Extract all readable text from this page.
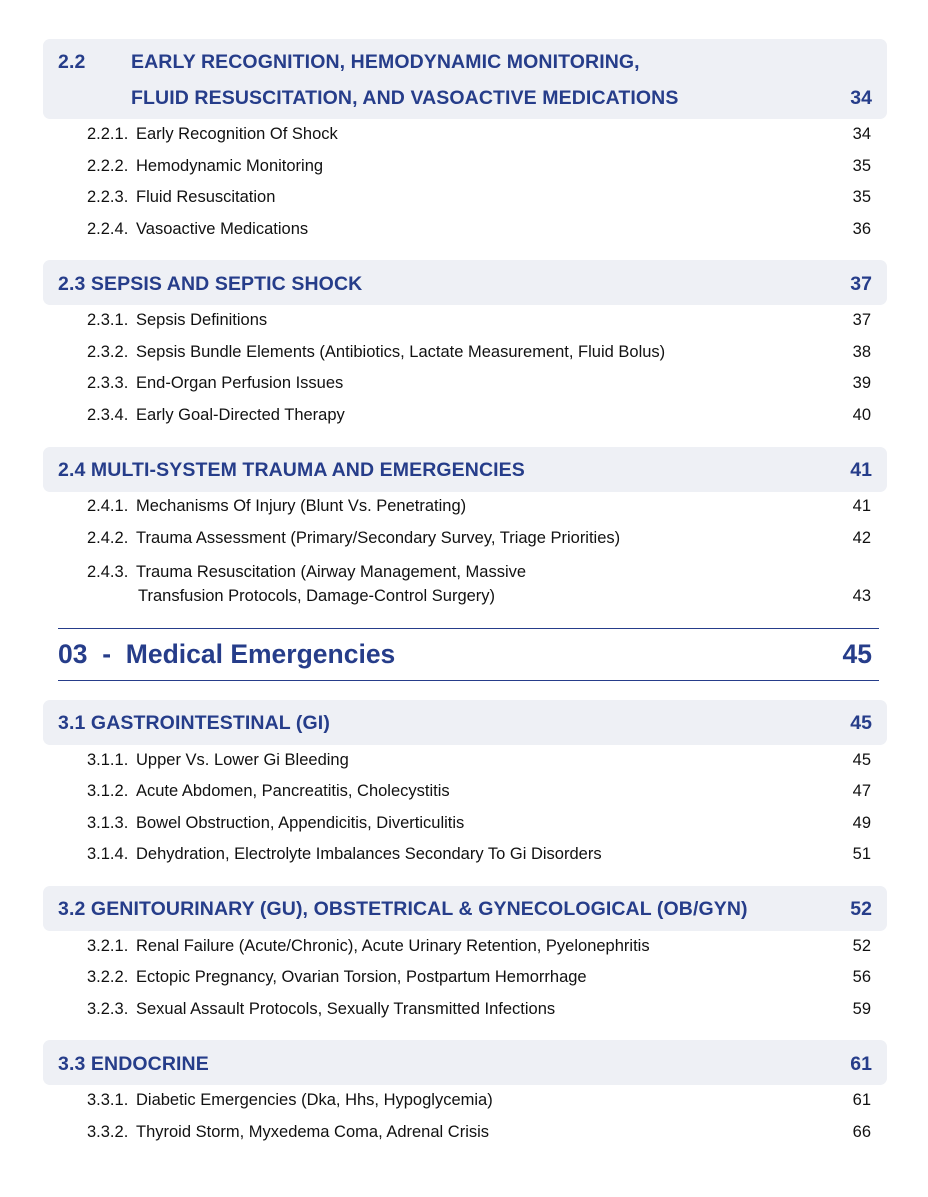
2.2 EARLY RECOGNITION, HEMODYNAMIC MONITORING,
FLUID RESUSCITATION, AND VASOACTIVE MEDICATIONS	34
2.2.1. Early Recognition Of Shock	34
2.2.2. Hemodynamic Monitoring	35
2.2.3. Fluid Resuscitation	35
2.2.4. Vasoactive Medications	36
2.3 SEPSIS AND SEPTIC SHOCK	37
2.3.1. Sepsis Definitions	37
2.3.2. Sepsis Bundle Elements (Antibiotics, Lactate Measurement, Fluid Bolus)	38
2.3.3. End-Organ Perfusion Issues	39
2.3.4. Early Goal-Directed Therapy	40
2.4 MULTI-SYSTEM TRAUMA AND EMERGENCIES	41
2.4.1. Mechanisms Of Injury (Blunt Vs. Penetrating)	41
2.4.2. Trauma Assessment (Primary/Secondary Survey, Triage Priorities)	42
2.4.3. Trauma Resuscitation (Airway Management, Massive
Transfusion Protocols, Damage-Control Surgery)	43
03  -  Medical Emergencies	45
3.1 GASTROINTESTINAL (GI)	45
3.1.1. Upper Vs. Lower Gi Bleeding	45
3.1.2. Acute Abdomen, Pancreatitis, Cholecystitis	47
3.1.3. Bowel Obstruction, Appendicitis, Diverticulitis	49
3.1.4. Dehydration, Electrolyte Imbalances Secondary To Gi Disorders	51
3.2 GENITOURINARY (GU), OBSTETRICAL & GYNECOLOGICAL (OB/GYN)	52
3.2.1. Renal Failure (Acute/Chronic), Acute Urinary Retention, Pyelonephritis	52
3.2.2. Ectopic Pregnancy, Ovarian Torsion, Postpartum Hemorrhage	56
3.2.3. Sexual Assault Protocols, Sexually Transmitted Infections	59
3.3 ENDOCRINE	61
3.3.1. Diabetic Emergencies (Dka, Hhs, Hypoglycemia)	61
3.3.2. Thyroid Storm, Myxedema Coma, Adrenal Crisis	66
